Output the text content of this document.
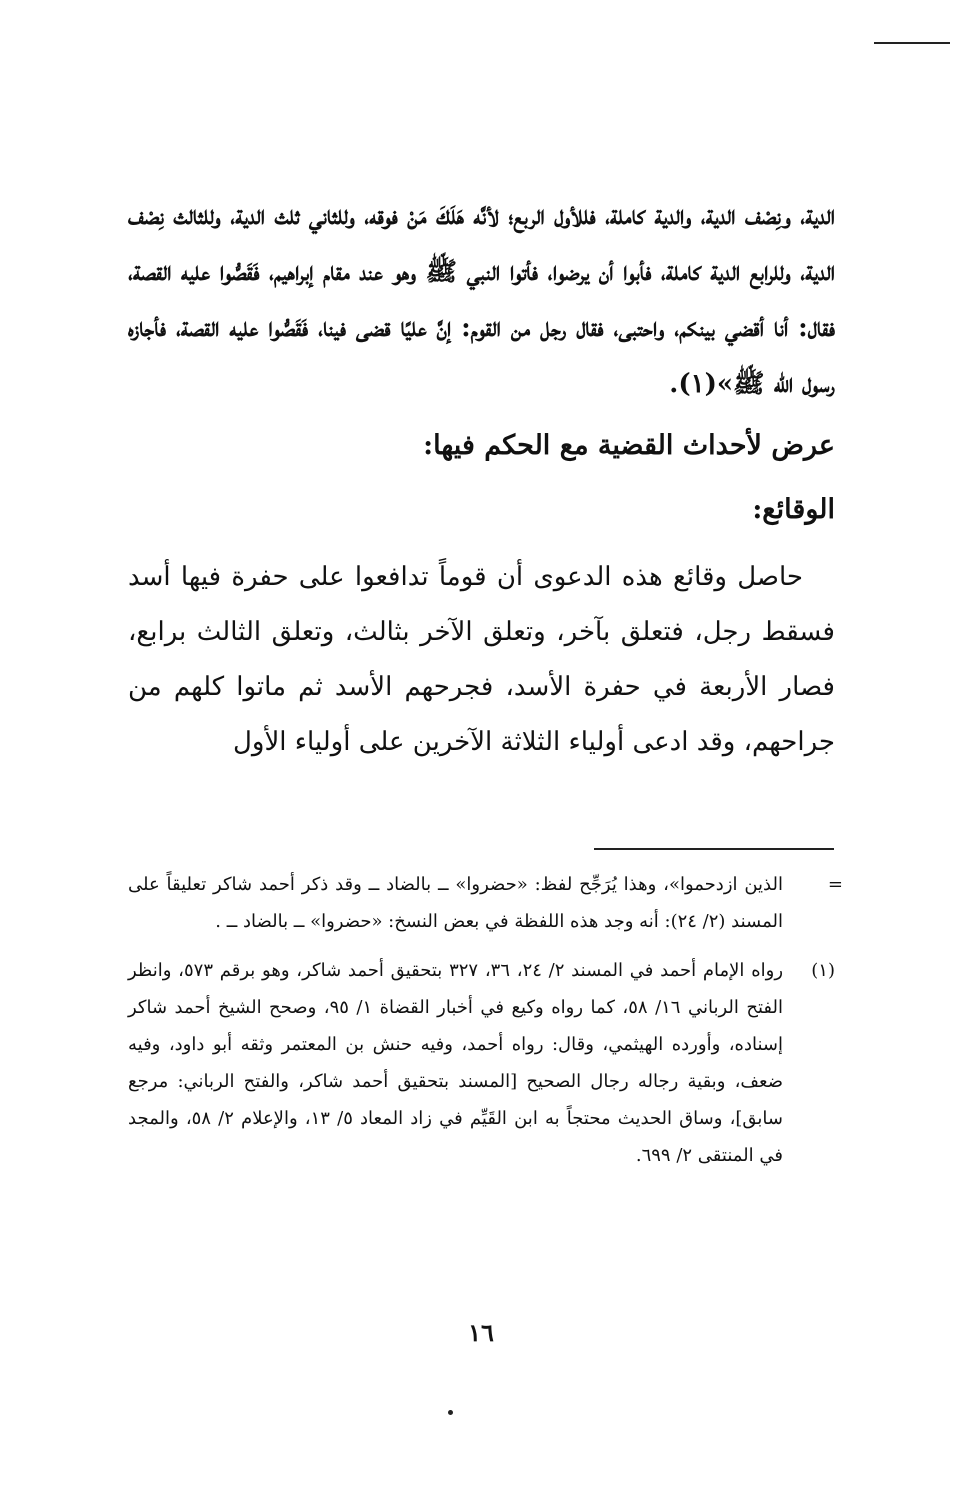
الدية، ونِصْف الدية، والدية كاملة، فللأول الربع؛ لأنَّه هَلَكَ مَنْ فوقه، وللثاني ثلث الدية، وللثالث نِصْف الدية، وللرابع الدية كاملة، فأبوا أن يرضوا، فأتوا النبي ﷺ وهو عند مقام إبراهيم، فَقَصُّوا عليه القصة، فقال: أنا أقضي بينكم، واحتبى، فقال رجل من القوم: إنَّ عليًا قضى فينا، فَقَصُّوا عليه القصة، فأجازه رسول الله ﷺ»(١).

عرض لأحداث القضية مع الحكم فيها:
الوقائع:

حاصل وقائع هذه الدعوى أن قوماً تدافعوا على حفرة فيها أسد فسقط رجل، فتعلق بآخر، وتعلق الآخر بثالث، وتعلق الثالث برابع، فصار الأربعة في حفرة الأسد، فجرحهم الأسد ثم ماتوا كلهم من جراحهم، وقد ادعى أولياء الثلاثة الآخرين على أولياء الأول

=
الذين ازدحموا»، وهذا يُرَجِّح لفظ: «حضروا» ــ بالضاد ــ وقد ذكر أحمد شاكر تعليقاً على المسند (٢/ ٢٤): أنه وجد هذه اللفظة في بعض النسخ: «حضروا» ــ بالضاد ــ .

(١)
رواه الإمام أحمد في المسند ٢/ ٢٤، ٣٦، ٣٢٧ بتحقيق أحمد شاكر، وهو برقم ٥٧٣، وانظر الفتح الرباني ١٦/ ٥٨، كما رواه وكيع في أخبار القضاة ١/ ٩٥، وصحح الشيخ أحمد شاكر إسناده، وأورده الهيثمي، وقال: رواه أحمد، وفيه حنش بن المعتمر وثقه أبو داود، وفيه ضعف، وبقية رجاله رجال الصحيح [المسند بتحقيق أحمد شاكر، والفتح الرباني: مرجع سابق]، وساق الحديث محتجاً به ابن القَيِّم في زاد المعاد ٥/ ١٣، والإعلام ٢/ ٥٨، والمجد في المنتقى ٢/ ٦٩٩.

١٦
